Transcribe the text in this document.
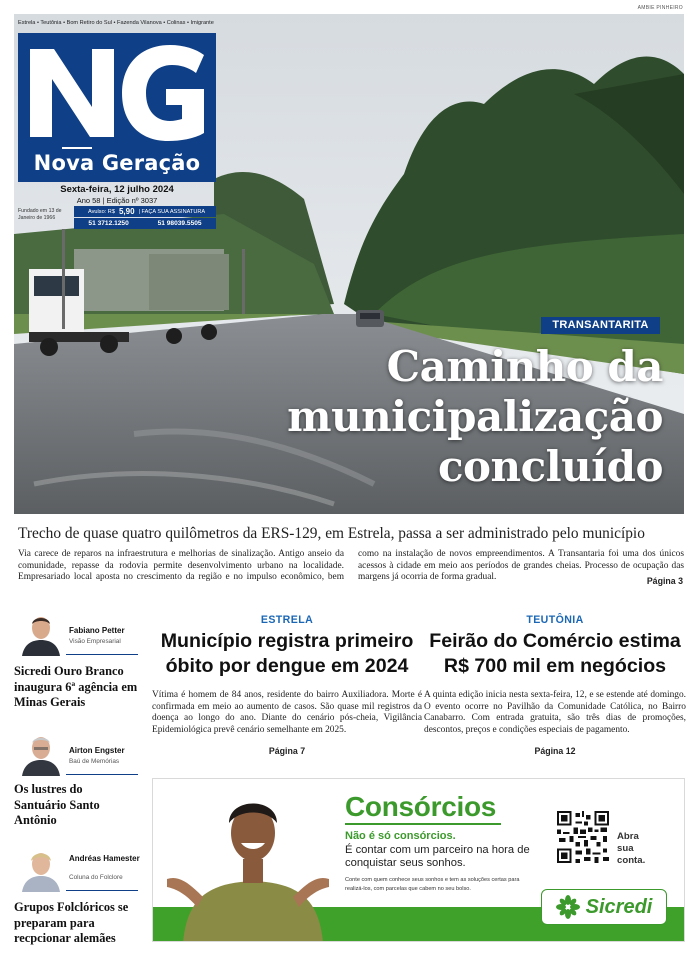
AMBIE PINHEIRO
Estrela • Teutônia • Bom Retiro do Sul • Fazenda Vilanova • Colinas • Imigrante
Nova Geração
Sexta-feira, 12 julho 2024
Ano 58 | Edição nº 3037
Fundado em 13 de Janeiro de 1966
Avulso: R$ 5,90 | FAÇA SUA ASSINATURA
51 3712.1250	51 98039.5505
TRANSANTARITA
Caminho da municipalização concluído
Trecho de quase quatro quilômetros da ERS-129, em Estrela, passa a ser administrado pelo município
Via carece de reparos na infraestrutura e melhorias de sinalização. Antigo anseio da comunidade, repasse da rodovia permite desenvolvimento urbano na localidade. Empresariado local aposta no crescimento da região e no impulso econômico, bem como na instalação de novos empreendimentos. A Transantaria foi uma dos únicos acessos à cidade em meio aos períodos de grandes cheias. Processo de ocupação das margens já ocorria de forma gradual.	Página 3
Fabiano Petter
Visão Empresarial
Sicredi Ouro Branco inaugura 6ª agência em Minas Gerais
Airton Engster
Baú de Memórias
Os lustres do Santuário Santo Antônio
Andréas Hamester
Coluna do Folclore
Grupos Folclóricos se preparam para recpcionar alemães
ESTRELA
Município registra primeiro óbito por dengue em 2024
Vítima é homem de 84 anos, residente do bairro Auxiliadora. Morte é confirmada em meio ao aumento de casos. São quase mil registros da doença ao longo do ano. Diante do cenário pós-cheia, Vigilância Epidemiológica prevê cenário semelhante em 2025.
Página 7
TEUTÔNIA
Feirão do Comércio estima R$ 700 mil em negócios
A quinta edição inicia nesta sexta-feira, 12, e se estende até domingo. O evento ocorre no Pavilhão da Comunidade Católica, no Bairro Canabarro. Com entrada gratuita, são três dias de promoções, descontos, preços e condições especiais de pagamento.
Página 12
Consórcios
Não é só consórcios.
É contar com um parceiro na hora de conquistar seus sonhos.
Conte com quem conhece seus sonhos e tem as soluções certas para realizá-los, com parcelas que cabem no seu bolso.
Abra sua conta.
Sicredi
